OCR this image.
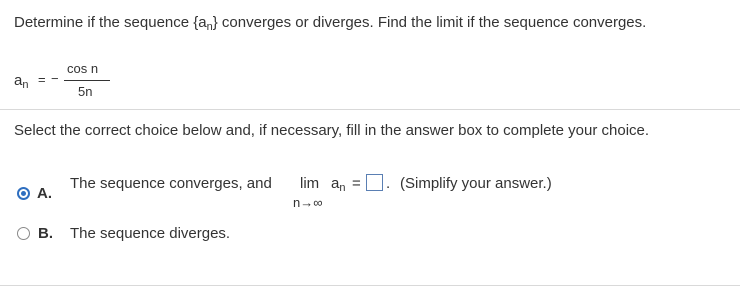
Determine if the sequence $\{a_n\}$ converges or diverges. Find the limit if the sequence converges.
$a_n$ = −
cos n
5n
Select the correct choice below and, if necessary, fill in the answer box to complete your choice.
A.
The sequence converges, and $\lim a_n$ = .
n→∞
(Simplify your answer.)
B. The sequence diverges.
